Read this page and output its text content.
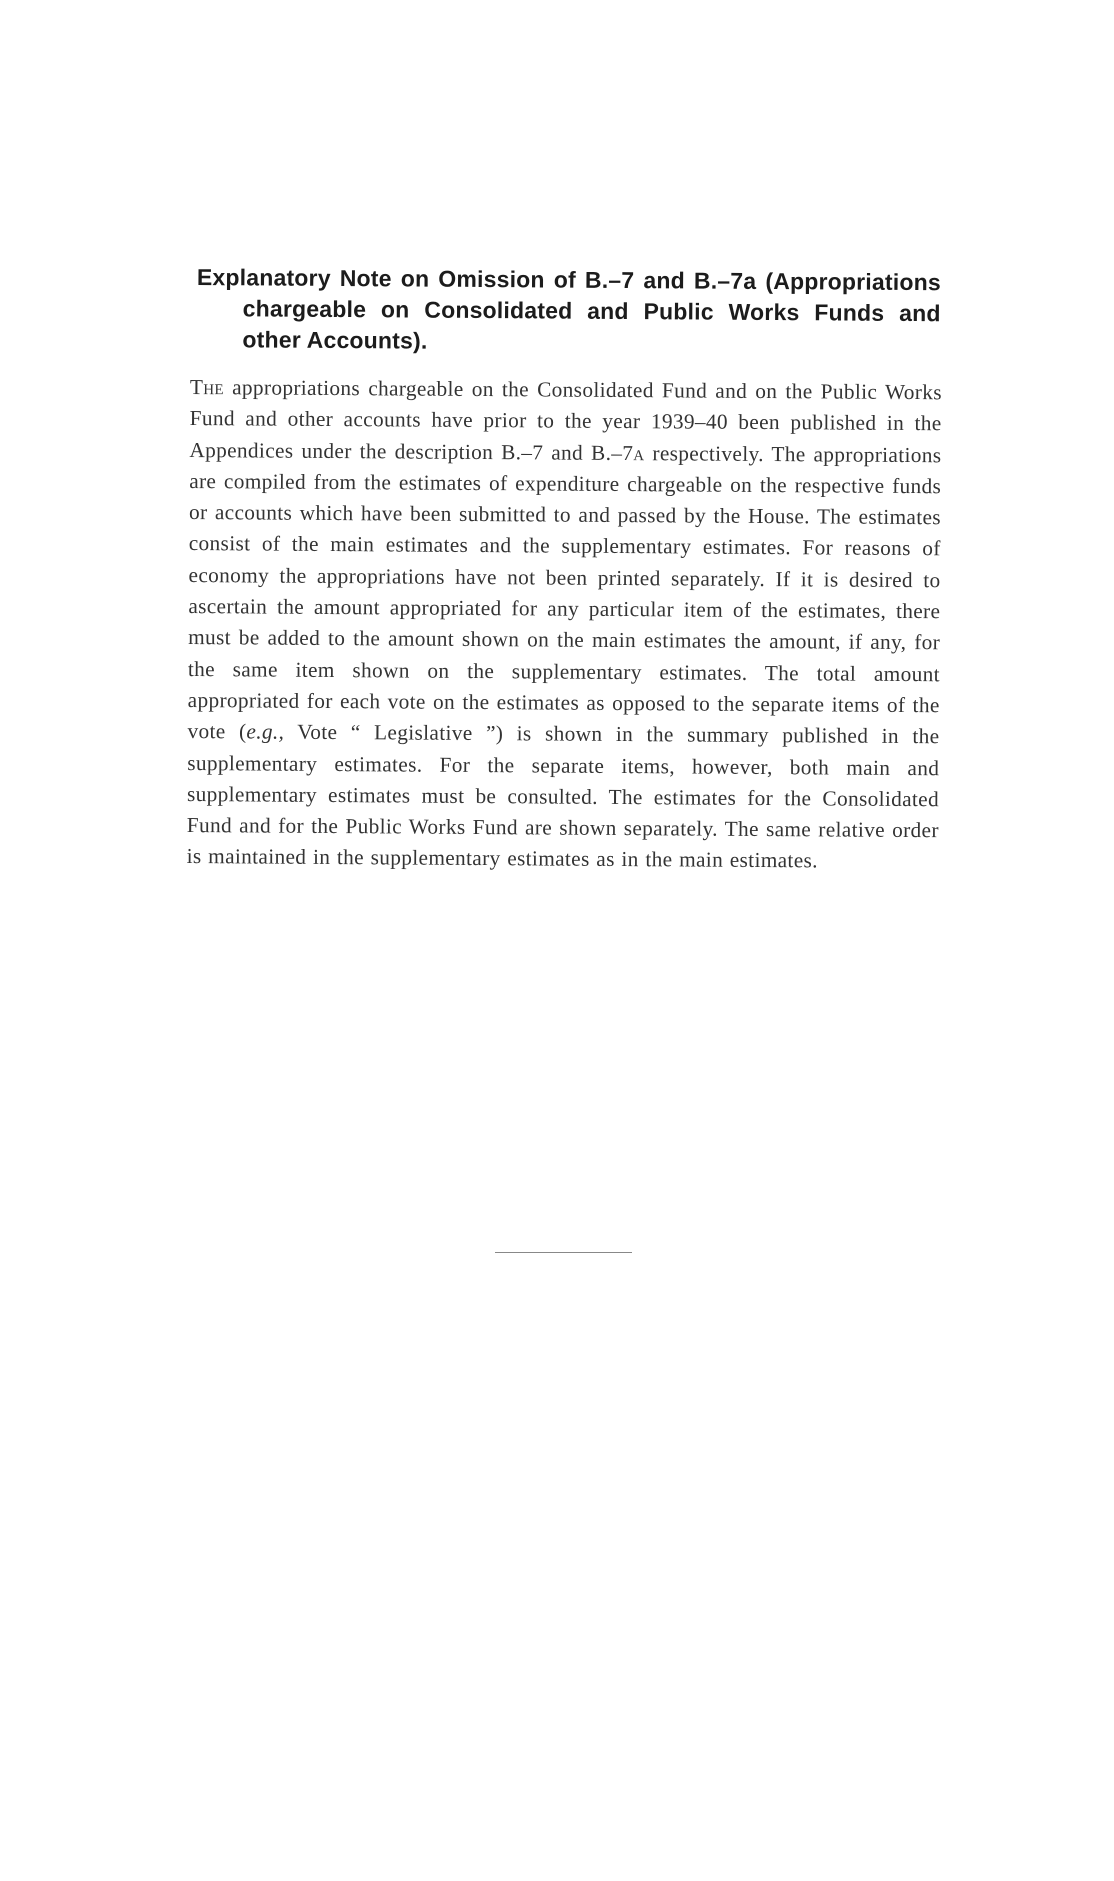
Explanatory Note on Omission of B.–7 and B.–7a (Appropriations chargeable on Consolidated and Public Works Funds and other Accounts).

The appropriations chargeable on the Consolidated Fund and on the Public Works Fund and other accounts have prior to the year 1939–40 been published in the Appendices under the description B.–7 and B.–7a respectively. The appropriations are compiled from the estimates of expenditure chargeable on the respective funds or accounts which have been submitted to and passed by the House. The estimates consist of the main estimates and the supplementary estimates. For reasons of economy the appropriations have not been printed separately. If it is desired to ascertain the amount appropriated for any particular item of the estimates, there must be added to the amount shown on the main estimates the amount, if any, for the same item shown on the supplementary estimates. The total amount appropriated for each vote on the estimates as opposed to the separate items of the vote (e.g., Vote “ Legislative ”) is shown in the summary published in the supplementary estimates. For the separate items, however, both main and supplementary estimates must be consulted. The estimates for the Consolidated Fund and for the Public Works Fund are shown separately. The same relative order is maintained in the supplementary estimates as in the main estimates.
